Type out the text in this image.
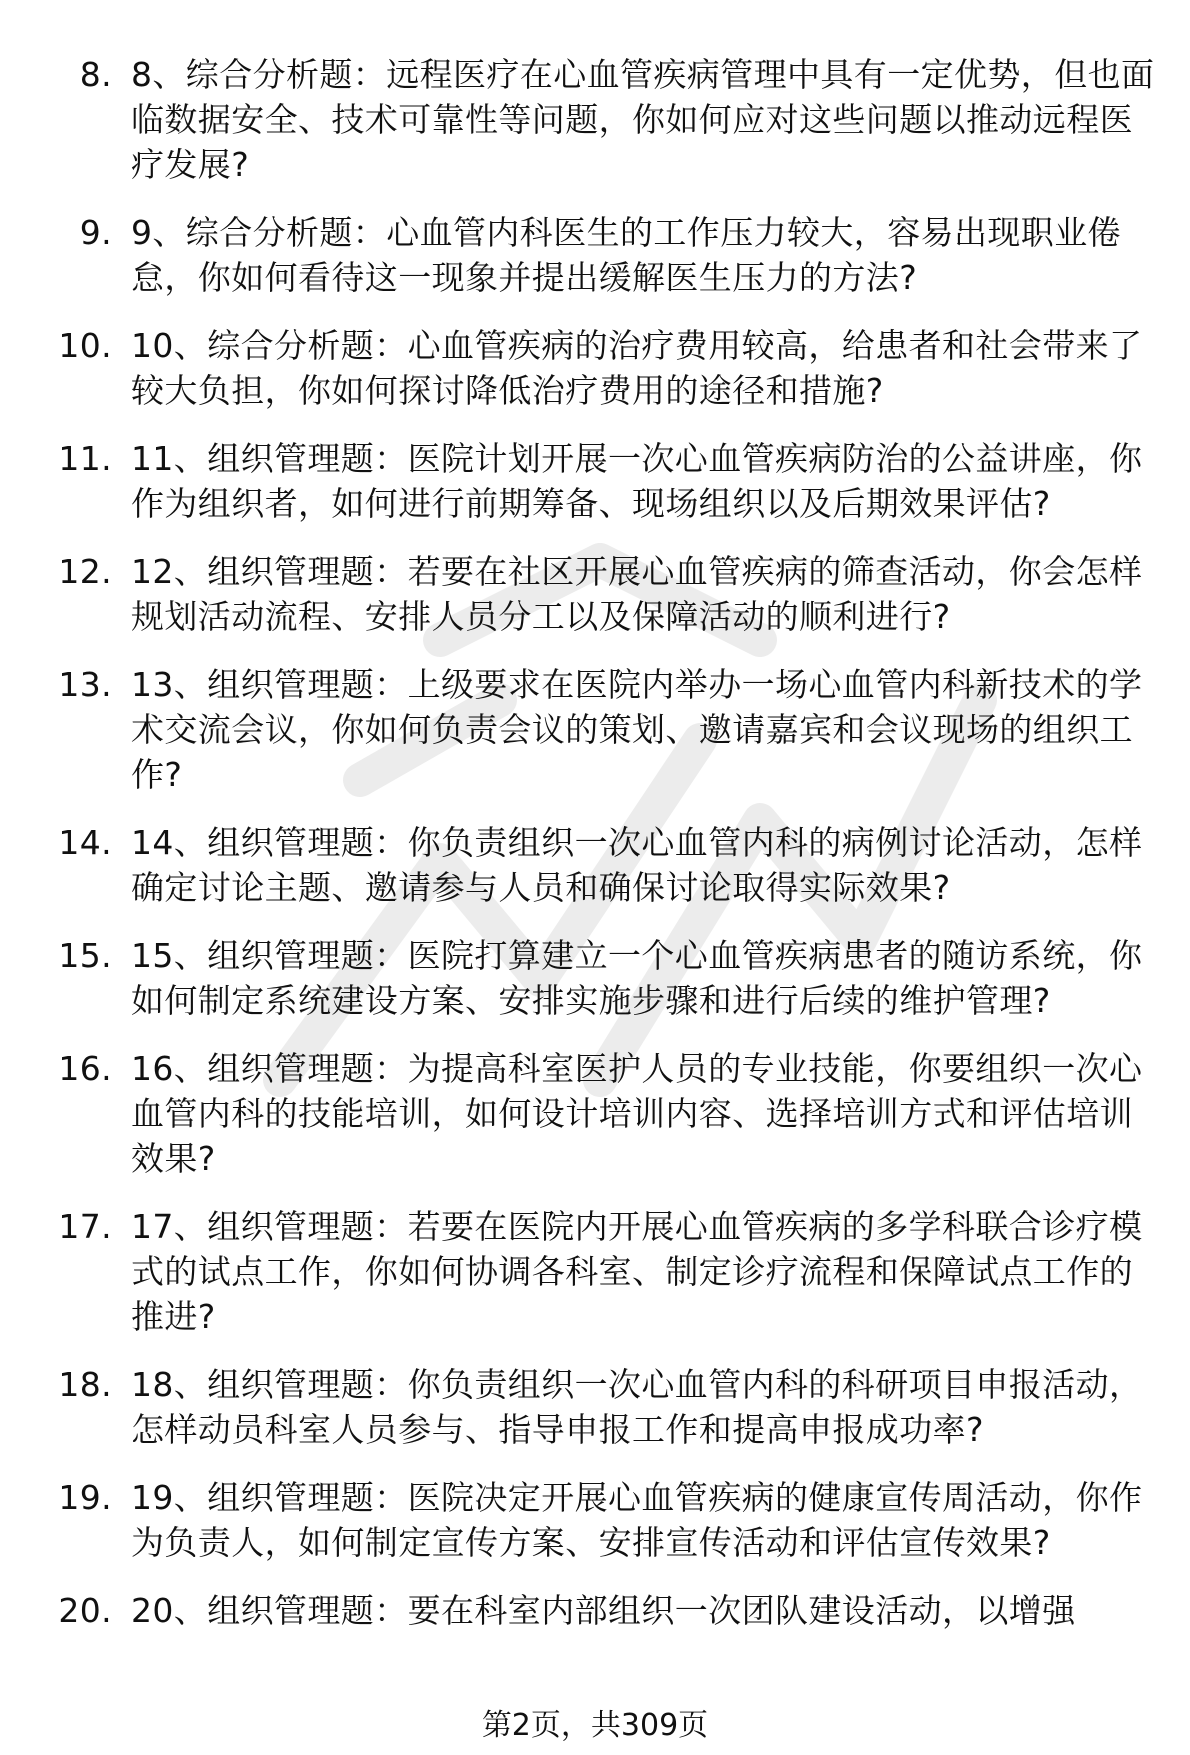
8. 8、综合分析题：远程医疗在心血管疾病管理中具有一定优势，但也面临数据安全、技术可靠性等问题，你如何应对这些问题以推动远程医疗发展?
9. 9、综合分析题：心血管内科医生的工作压力较大，容易出现职业倦怠，你如何看待这一现象并提出缓解医生压力的方法?
10. 10、综合分析题：心血管疾病的治疗费用较高，给患者和社会带来了较大负担，你如何探讨降低治疗费用的途径和措施?
11. 11、组织管理题：医院计划开展一次心血管疾病防治的公益讲座，你作为组织者，如何进行前期筹备、现场组织以及后期效果评估?
12. 12、组织管理题：若要在社区开展心血管疾病的筛查活动，你会怎样规划活动流程、安排人员分工以及保障活动的顺利进行?
13. 13、组织管理题：上级要求在医院内举办一场心血管内科新技术的学术交流会议，你如何负责会议的策划、邀请嘉宾和会议现场的组织工作?
14. 14、组织管理题：你负责组织一次心血管内科的病例讨论活动，怎样确定讨论主题、邀请参与人员和确保讨论取得实际效果?
15. 15、组织管理题：医院打算建立一个心血管疾病患者的随访系统，你如何制定系统建设方案、安排实施步骤和进行后续的维护管理?
16. 16、组织管理题：为提高科室医护人员的专业技能，你要组织一次心血管内科的技能培训，如何设计培训内容、选择培训方式和评估培训效果?
17. 17、组织管理题：若要在医院内开展心血管疾病的多学科联合诊疗模式的试点工作，你如何协调各科室、制定诊疗流程和保障试点工作的推进?
18. 18、组织管理题：你负责组织一次心血管内科的科研项目申报活动，怎样动员科室人员参与、指导申报工作和提高申报成功率?
19. 19、组织管理题：医院决定开展心血管疾病的健康宣传周活动，你作为负责人，如何制定宣传方案、安排宣传活动和评估宣传效果?
20. 20、组织管理题：要在科室内部组织一次团队建设活动，以增强
第2页，共309页
